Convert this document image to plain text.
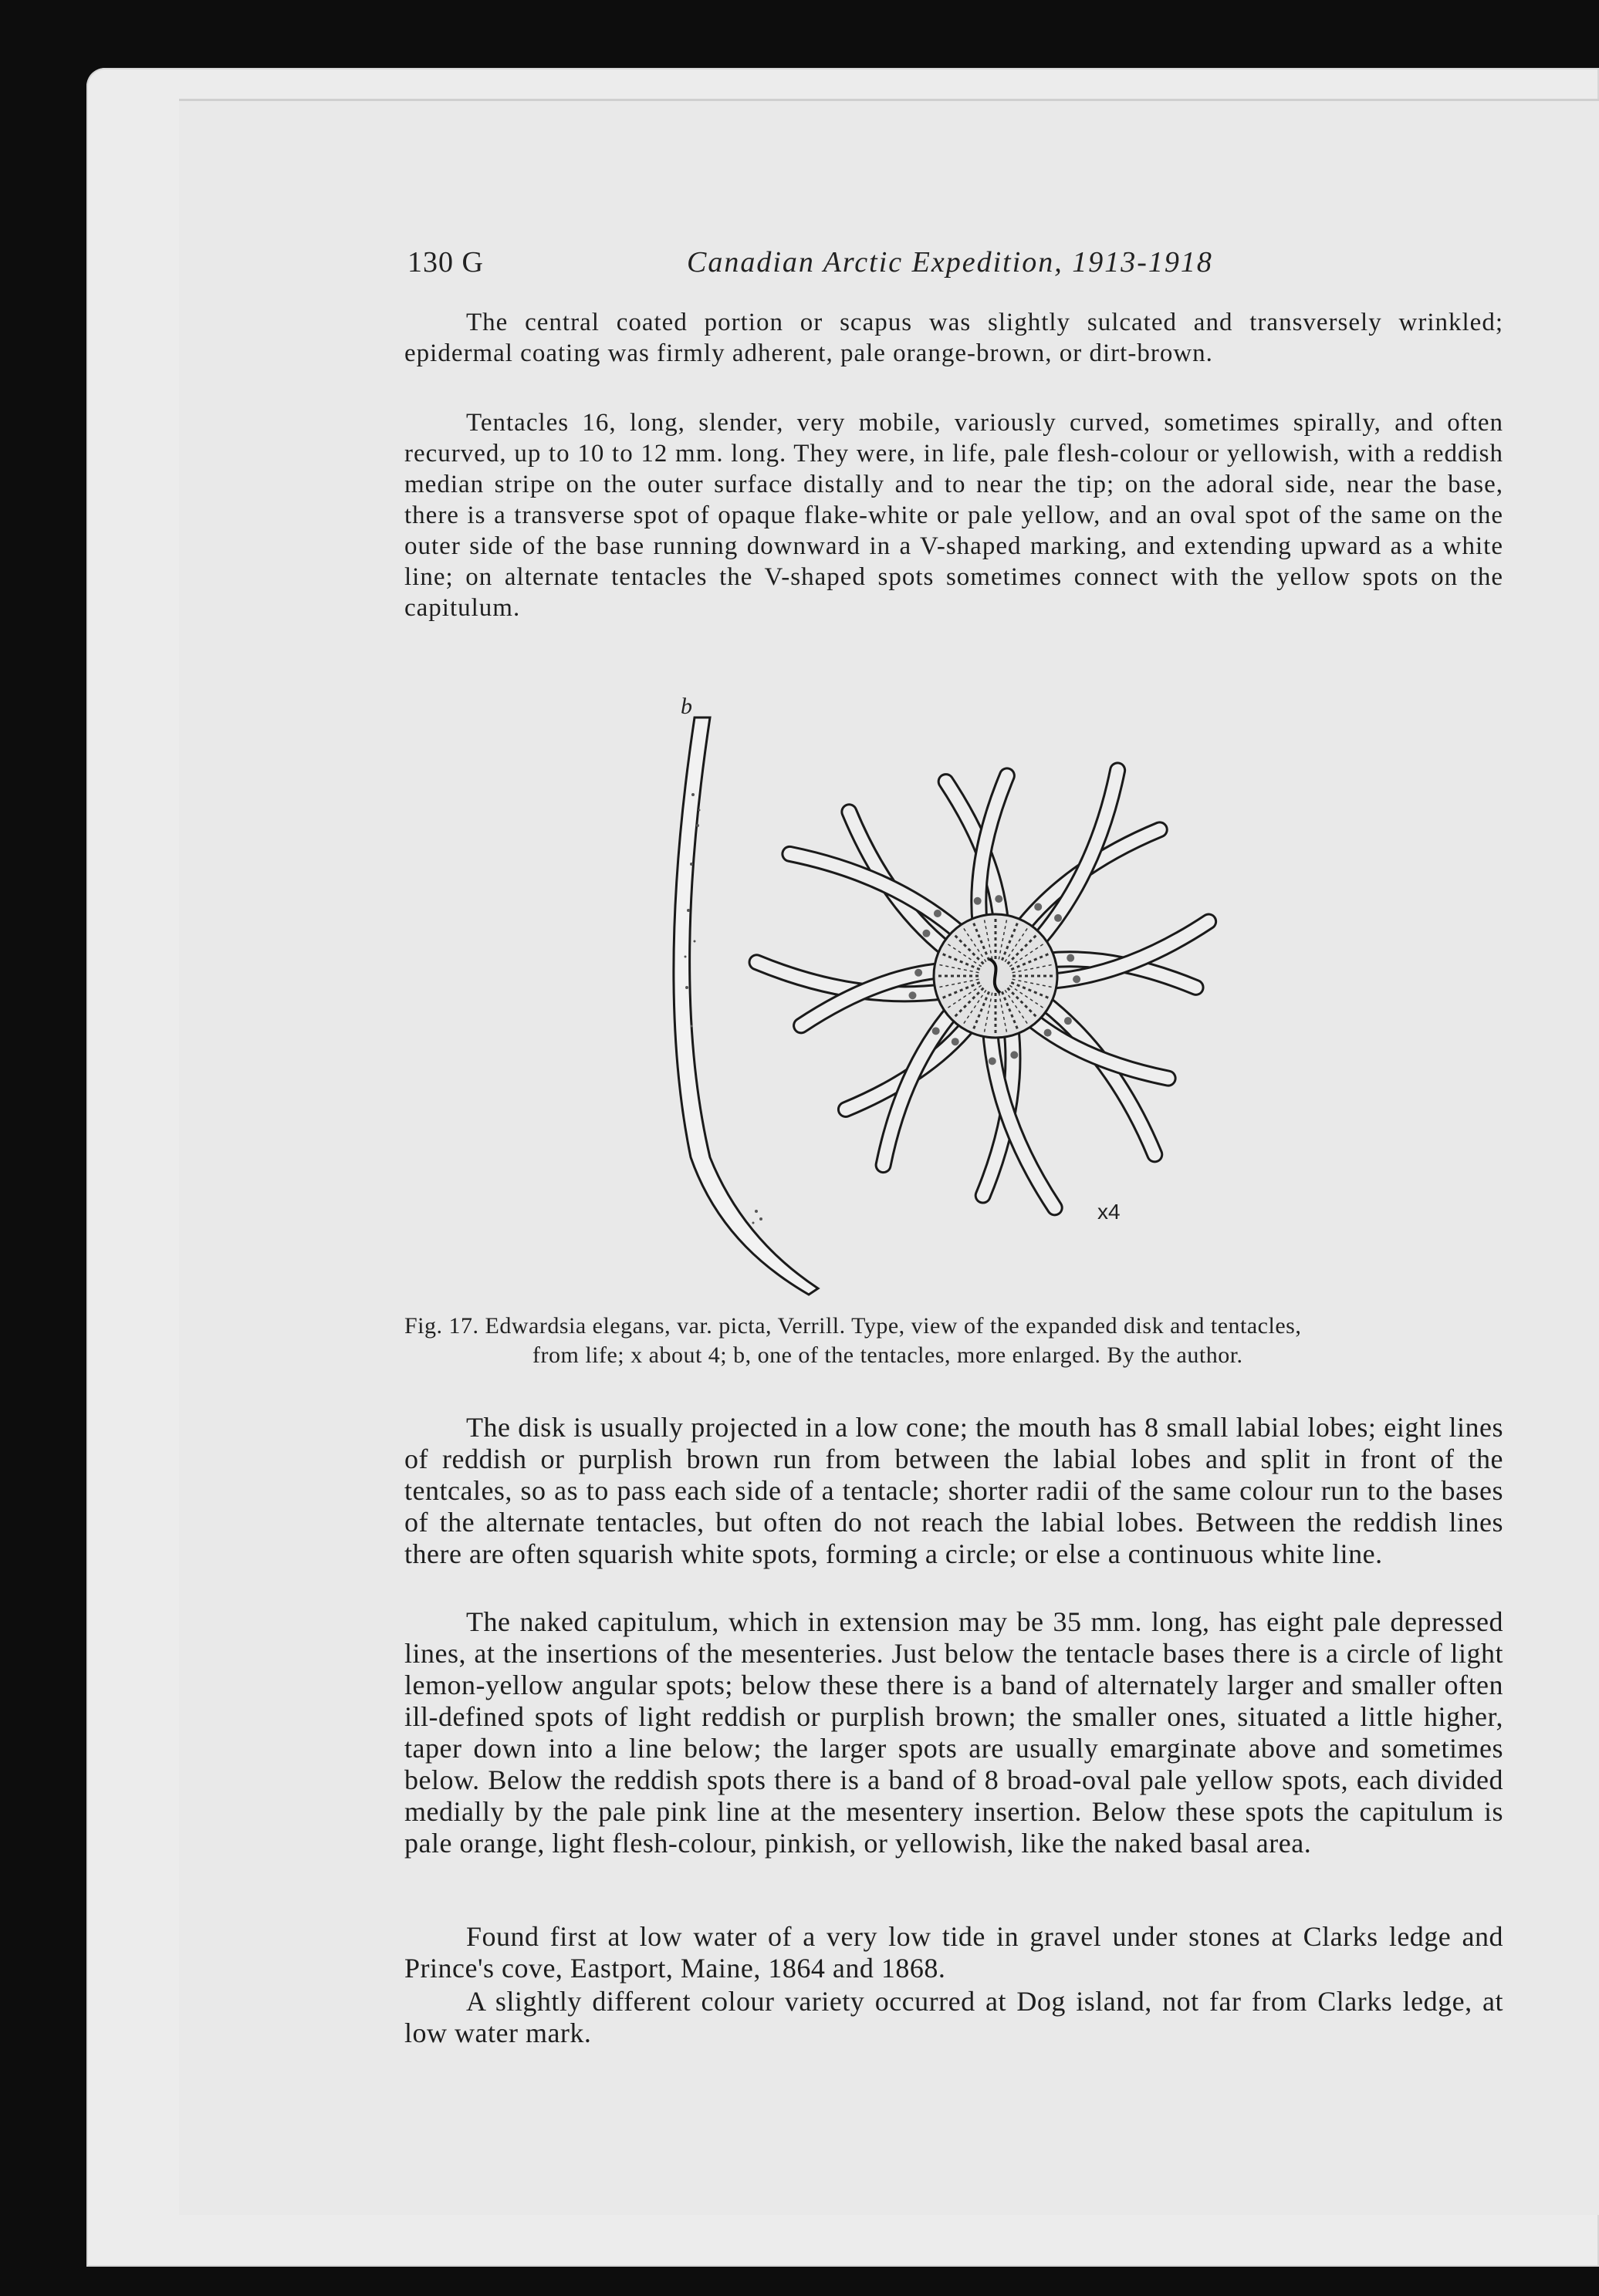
130 G	Canadian Arctic Expedition, 1913-1918

The central coated portion or scapus was slightly sulcated and transversely wrinkled; epidermal coating was firmly adherent, pale orange-brown, or dirt-brown.

Tentacles 16, long, slender, very mobile, variously curved, sometimes spirally, and often recurved, up to 10 to 12 mm. long. They were, in life, pale flesh-colour or yellowish, with a reddish median stripe on the outer surface distally and to near the tip; on the adoral side, near the base, there is a transverse spot of opaque flake-white or pale yellow, and an oval spot of the same on the outer side of the base running downward in a V-shaped marking, and extending upward as a white line; on alternate tentacles the V-shaped spots sometimes connect with the yellow spots on the capitulum.

b
x4
Fig. 17. Edwardsia elegans, var. picta, Verrill. Type, view of the expanded disk and tentacles,
from life; x about 4; b, one of the tentacles, more enlarged. By the author.

The disk is usually projected in a low cone; the mouth has 8 small labial lobes; eight lines of reddish or purplish brown run from between the labial lobes and split in front of the tentcales, so as to pass each side of a tentacle; shorter radii of the same colour run to the bases of the alternate tentacles, but often do not reach the labial lobes. Between the reddish lines there are often squarish white spots, forming a circle; or else a continuous white line.

The naked capitulum, which in extension may be 35 mm. long, has eight pale depressed lines, at the insertions of the mesenteries. Just below the tentacle bases there is a circle of light lemon-yellow angular spots; below these there is a band of alternately larger and smaller often ill-defined spots of light reddish or purplish brown; the smaller ones, situated a little higher, taper down into a line below; the larger spots are usually emarginate above and sometimes below. Below the reddish spots there is a band of 8 broad-oval pale yellow spots, each divided medially by the pale pink line at the mesentery insertion. Below these spots the capitulum is pale orange, light flesh-colour, pinkish, or yellowish, like the naked basal area.

Found first at low water of a very low tide in gravel under stones at Clarks ledge and Prince's cove, Eastport, Maine, 1864 and 1868.

A slightly different colour variety occurred at Dog island, not far from Clarks ledge, at low water mark.
